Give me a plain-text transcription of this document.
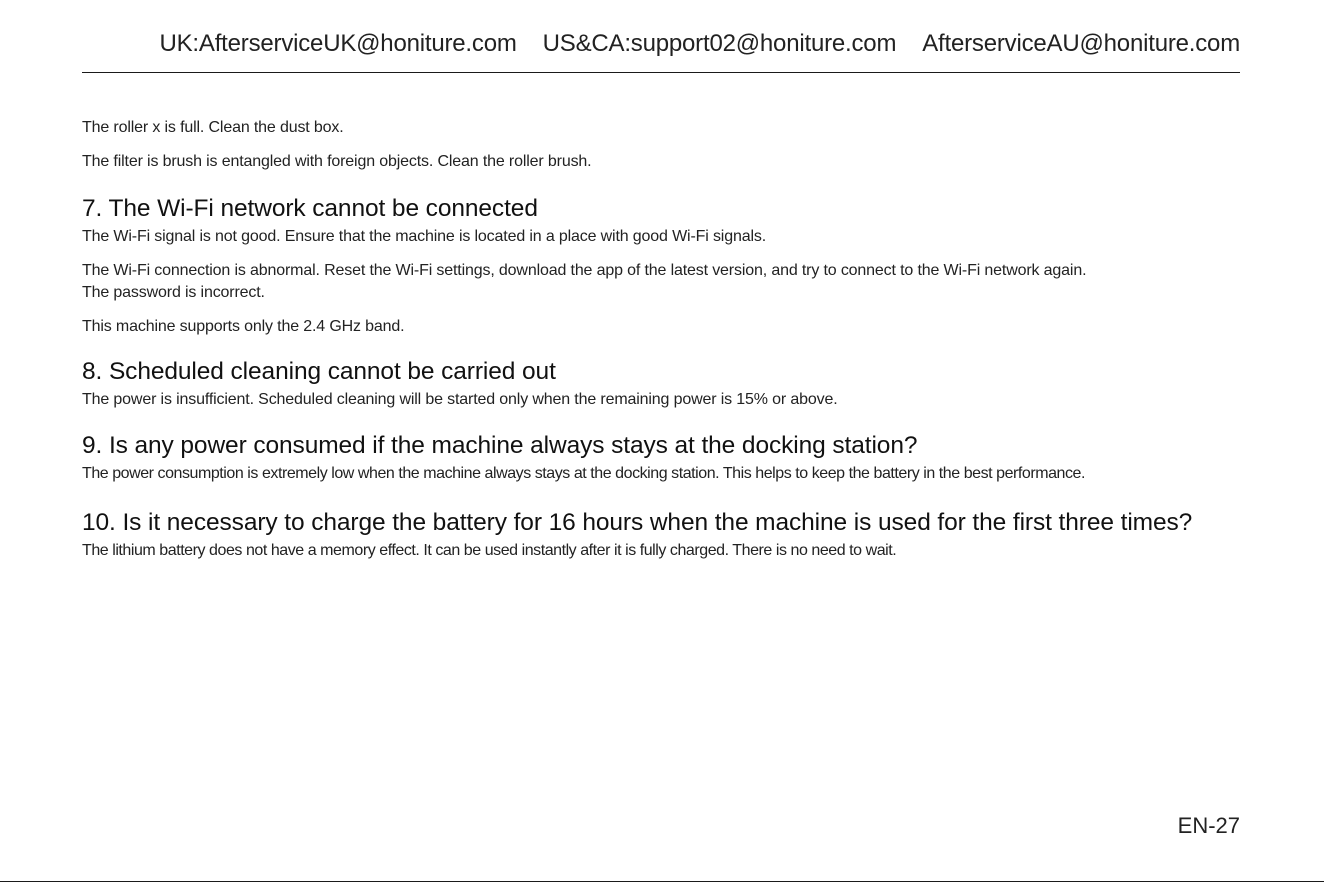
UK:AfterserviceUK@honiture.com US&CA:support02@honiture.com AfterserviceAU@honiture.com
The roller x is full. Clean the dust box.
The filter is brush is entangled with foreign objects. Clean the roller brush.
7. The Wi-Fi network cannot be connected
The Wi-Fi signal is not good. Ensure that the machine is located in a place with good Wi-Fi signals.
The Wi-Fi connection is abnormal. Reset the Wi-Fi settings, download the app of the latest version, and try to connect to the Wi-Fi network again.
The password is incorrect.
This machine supports only the 2.4 GHz band.
8. Scheduled cleaning cannot be carried out
The power is insufficient. Scheduled cleaning will be started only when the remaining power is 15% or above.
9. Is any power consumed if the machine always stays at the docking station?
The power consumption is extremely low when the machine always stays at the docking station. This helps to keep the battery in the best performance.
10. Is it necessary to charge the battery for 16 hours when the machine is used for the first three times?
The lithium battery does not have a memory effect. It can be used instantly after it is fully charged. There is no need to wait.
EN-27
